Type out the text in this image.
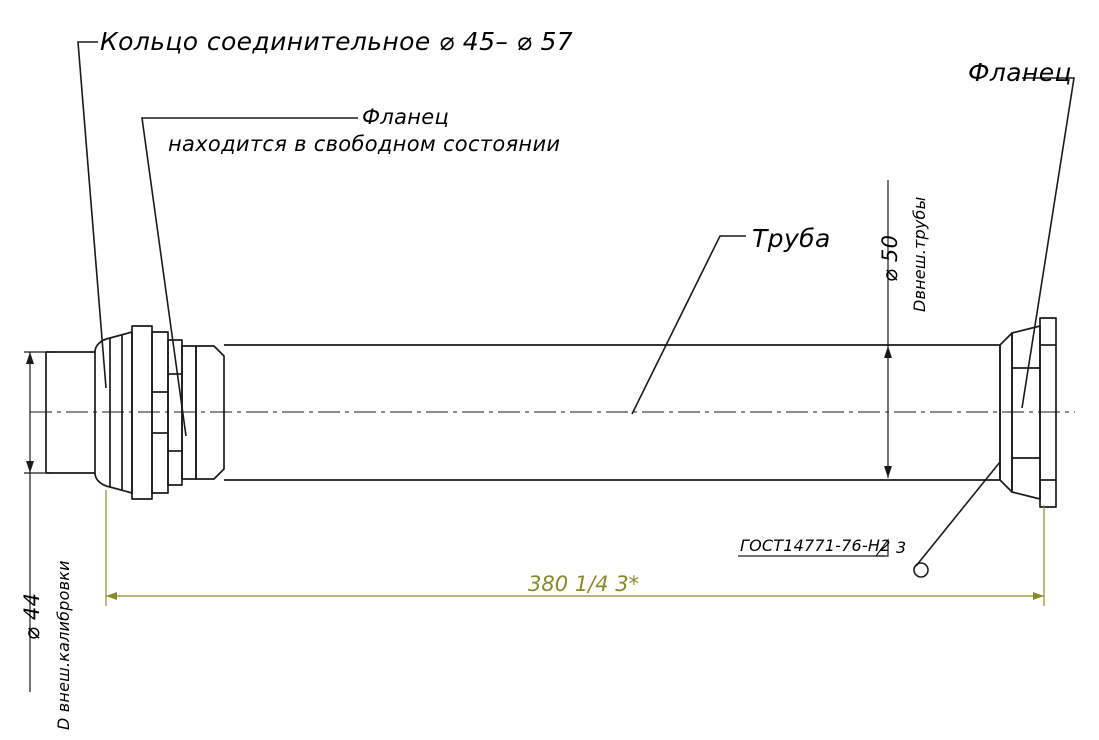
Кольцо соединительное ⌀ 45– ⌀ 57
Фланец
находится в свободном состоянии
Труба
Фланец
380 1/4 3*
⌀ 50 Dвнеш.трубы
⌀ 44 D внеш.калибровки
ГОСТ14771-76-Н2 3
